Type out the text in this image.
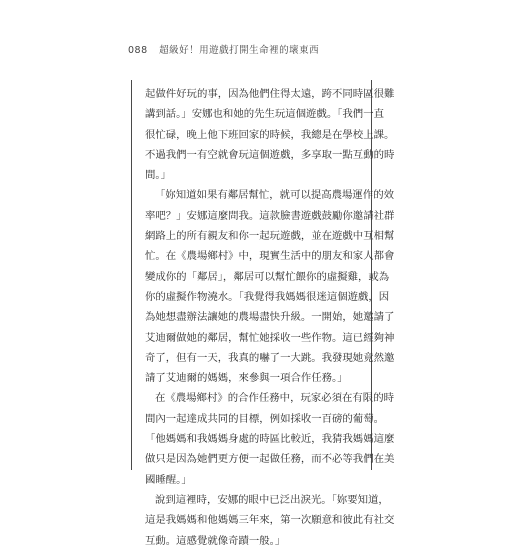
088 超級好！用遊戲打開生命裡的壞東西
起做件好玩的事，因為他們住得太遠，跨不同時區很難
講到話。」安娜也和她的先生玩這個遊戲。「我們一直
很忙碌，晚上他下班回家的時候，我總是在學校上課。
不過我們一有空就會玩這個遊戲，多享取一點互動的時
間。」
「妳知道如果有鄰居幫忙，就可以提高農場運作的效
率吧？」安娜這麼問我。這款臉書遊戲鼓勵你邀請社群
網路上的所有親友和你一起玩遊戲，並在遊戲中互相幫
忙。在《農場鄉村》中，現實生活中的朋友和家人都會
變成你的「鄰居」，鄰居可以幫忙餵你的虛擬雞，或為
你的虛擬作物澆水。「我覺得我媽媽很迷這個遊戲，因
為她想盡辦法讓她的農場盡快升級。一開始，她邀請了
艾迪爾做她的鄰居，幫忙她採收一些作物。這已經夠神
奇了，但有一天，我真的嚇了一大跳。我發現她竟然邀
請了艾迪爾的媽媽，來參與一項合作任務。」
在《農場鄉村》的合作任務中，玩家必須在有限的時
間內一起達成共同的目標，例如採收一百磅的葡萄。
「他媽媽和我媽媽身處的時區比較近，我猜我媽媽這麼
做只是因為她們更方便一起做任務，而不必等我們在美
國睡醒。」
說到這裡時，安娜的眼中已泛出淚光。「妳要知道，
這是我媽媽和他媽媽三年來，第一次願意和彼此有社交
互動。這感覺就像奇蹟一般。」
